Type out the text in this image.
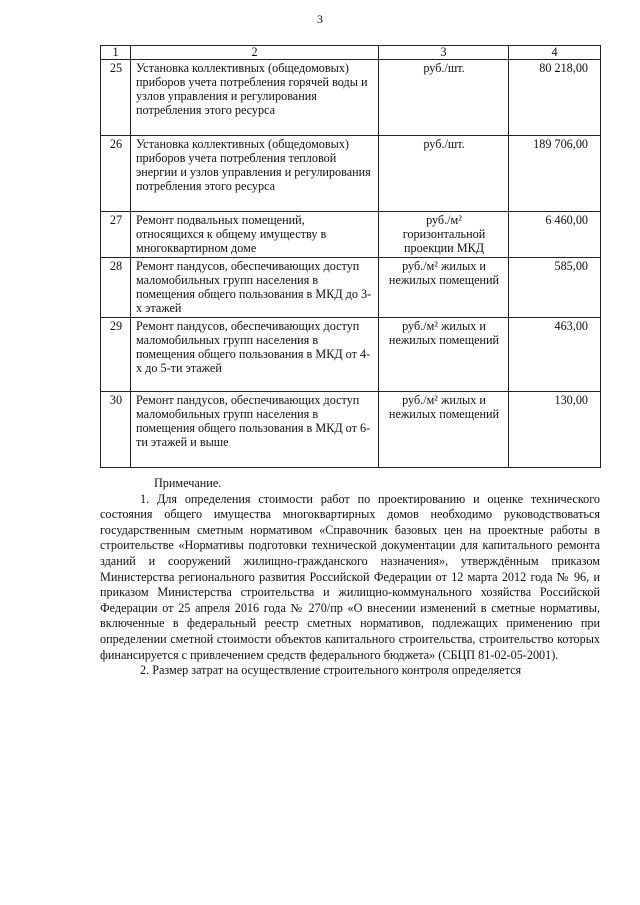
3
1	2	3	4
25	Установка коллективных (общедомовых) приборов учета потребления горячей воды и узлов управления и регулирования потребления этого ресурса	руб./шт.	80 218,00
26	Установка коллективных (общедомовых) приборов учета потребления тепловой энергии и узлов управления и регулирования потребления этого ресурса	руб./шт.	189 706,00
27	Ремонт подвальных помещений, относящихся к общему имуществу в многоквартирном доме	руб./м² горизонтальной проекции МКД	6 460,00
28	Ремонт пандусов, обеспечивающих доступ маломобильных групп населения в помещения общего пользования в МКД до 3-х этажей	руб./м² жилых и нежилых помещений	585,00
29	Ремонт пандусов, обеспечивающих доступ маломобильных групп населения в помещения общего пользования в МКД от 4-х до 5-ти этажей	руб./м² жилых и нежилых помещений	463,00
30	Ремонт пандусов, обеспечивающих доступ маломобильных групп населения в помещения общего пользования в МКД от 6-ти этажей и выше	руб./м² жилых и нежилых помещений	130,00

Примечание.

1. Для определения стоимости работ по проектированию и оценке технического состояния общего имущества многоквартирных домов необходимо руководствоваться государственным сметным нормативом «Справочник базовых цен на проектные работы в строительстве «Нормативы подготовки технической документации для капитального ремонта зданий и сооружений жилищно-гражданского назначения», утверждённым приказом Министерства регионального развития Российской Федерации от 12 марта 2012 года № 96, и приказом Министерства строительства и жилищно-коммунального хозяйства Российской Федерации от 25 апреля 2016 года № 270/пр «О внесении изменений в сметные нормативы, включенные в федеральный реестр сметных нормативов, подлежащих применению при определении сметной стоимости объектов капитального строительства, строительство которых финансируется с привлечением средств федерального бюджета» (СБЦП 81-02-05-2001).

2. Размер затрат на осуществление строительного контроля определяется
